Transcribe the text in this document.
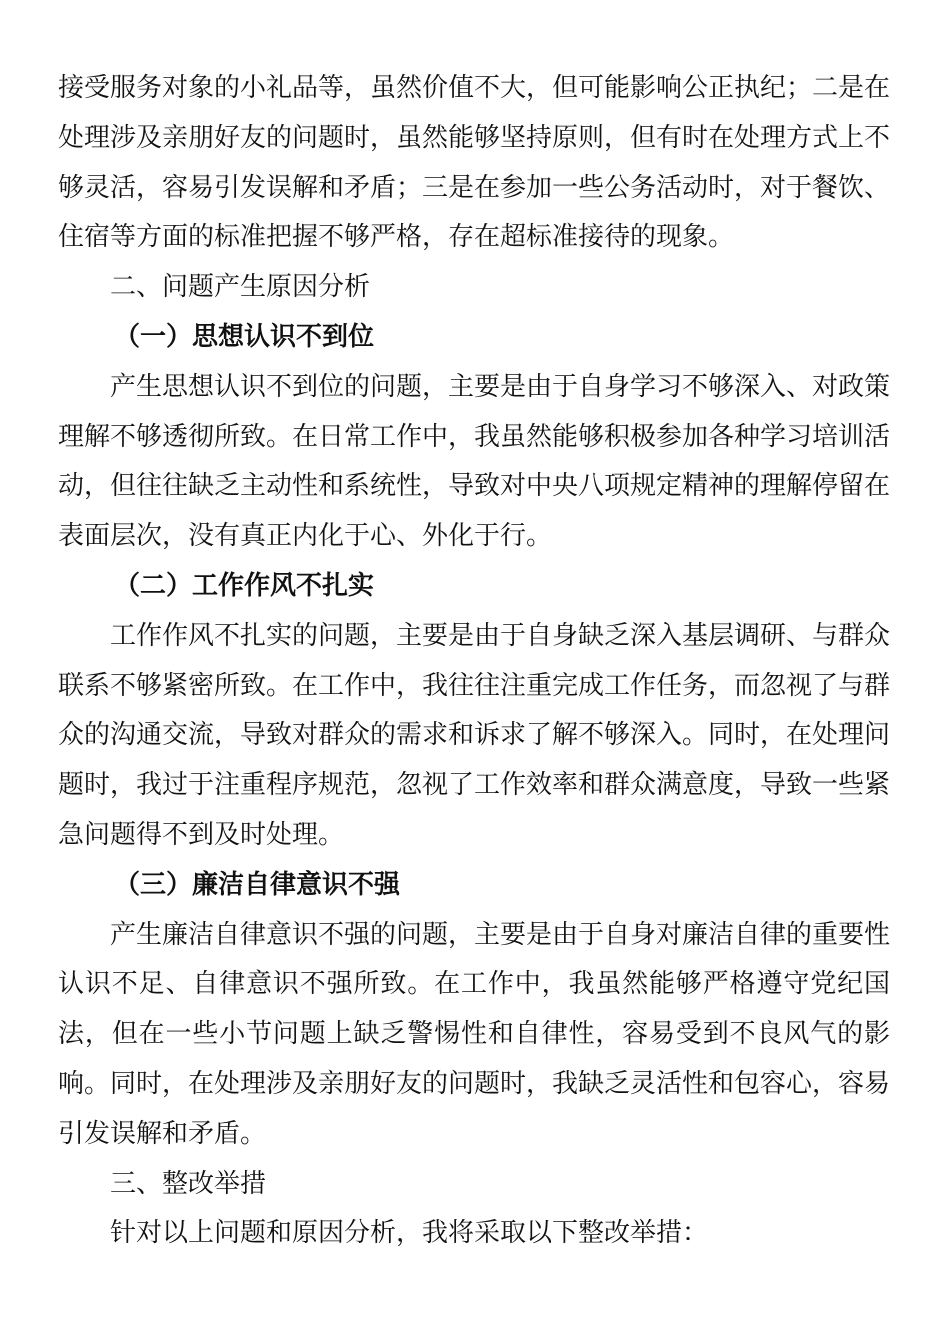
接受服务对象的小礼品等，虽然价值不大，但可能影响公正执纪；二是在处理涉及亲朋好友的问题时，虽然能够坚持原则，但有时在处理方式上不够灵活，容易引发误解和矛盾；三是在参加一些公务活动时，对于餐饮、住宿等方面的标准把握不够严格，存在超标准接待的现象。

二、问题产生原因分析

（一）思想认识不到位

产生思想认识不到位的问题，主要是由于自身学习不够深入、对政策理解不够透彻所致。在日常工作中，我虽然能够积极参加各种学习培训活动，但往往缺乏主动性和系统性，导致对中央八项规定精神的理解停留在表面层次，没有真正内化于心、外化于行。

（二）工作作风不扎实

工作作风不扎实的问题，主要是由于自身缺乏深入基层调研、与群众联系不够紧密所致。在工作中，我往往注重完成工作任务，而忽视了与群众的沟通交流，导致对群众的需求和诉求了解不够深入。同时，在处理问题时，我过于注重程序规范，忽视了工作效率和群众满意度，导致一些紧急问题得不到及时处理。

（三）廉洁自律意识不强

产生廉洁自律意识不强的问题，主要是由于自身对廉洁自律的重要性认识不足、自律意识不强所致。在工作中，我虽然能够严格遵守党纪国法，但在一些小节问题上缺乏警惕性和自律性，容易受到不良风气的影响。同时，在处理涉及亲朋好友的问题时，我缺乏灵活性和包容心，容易引发误解和矛盾。

三、整改举措

针对以上问题和原因分析，我将采取以下整改举措：
